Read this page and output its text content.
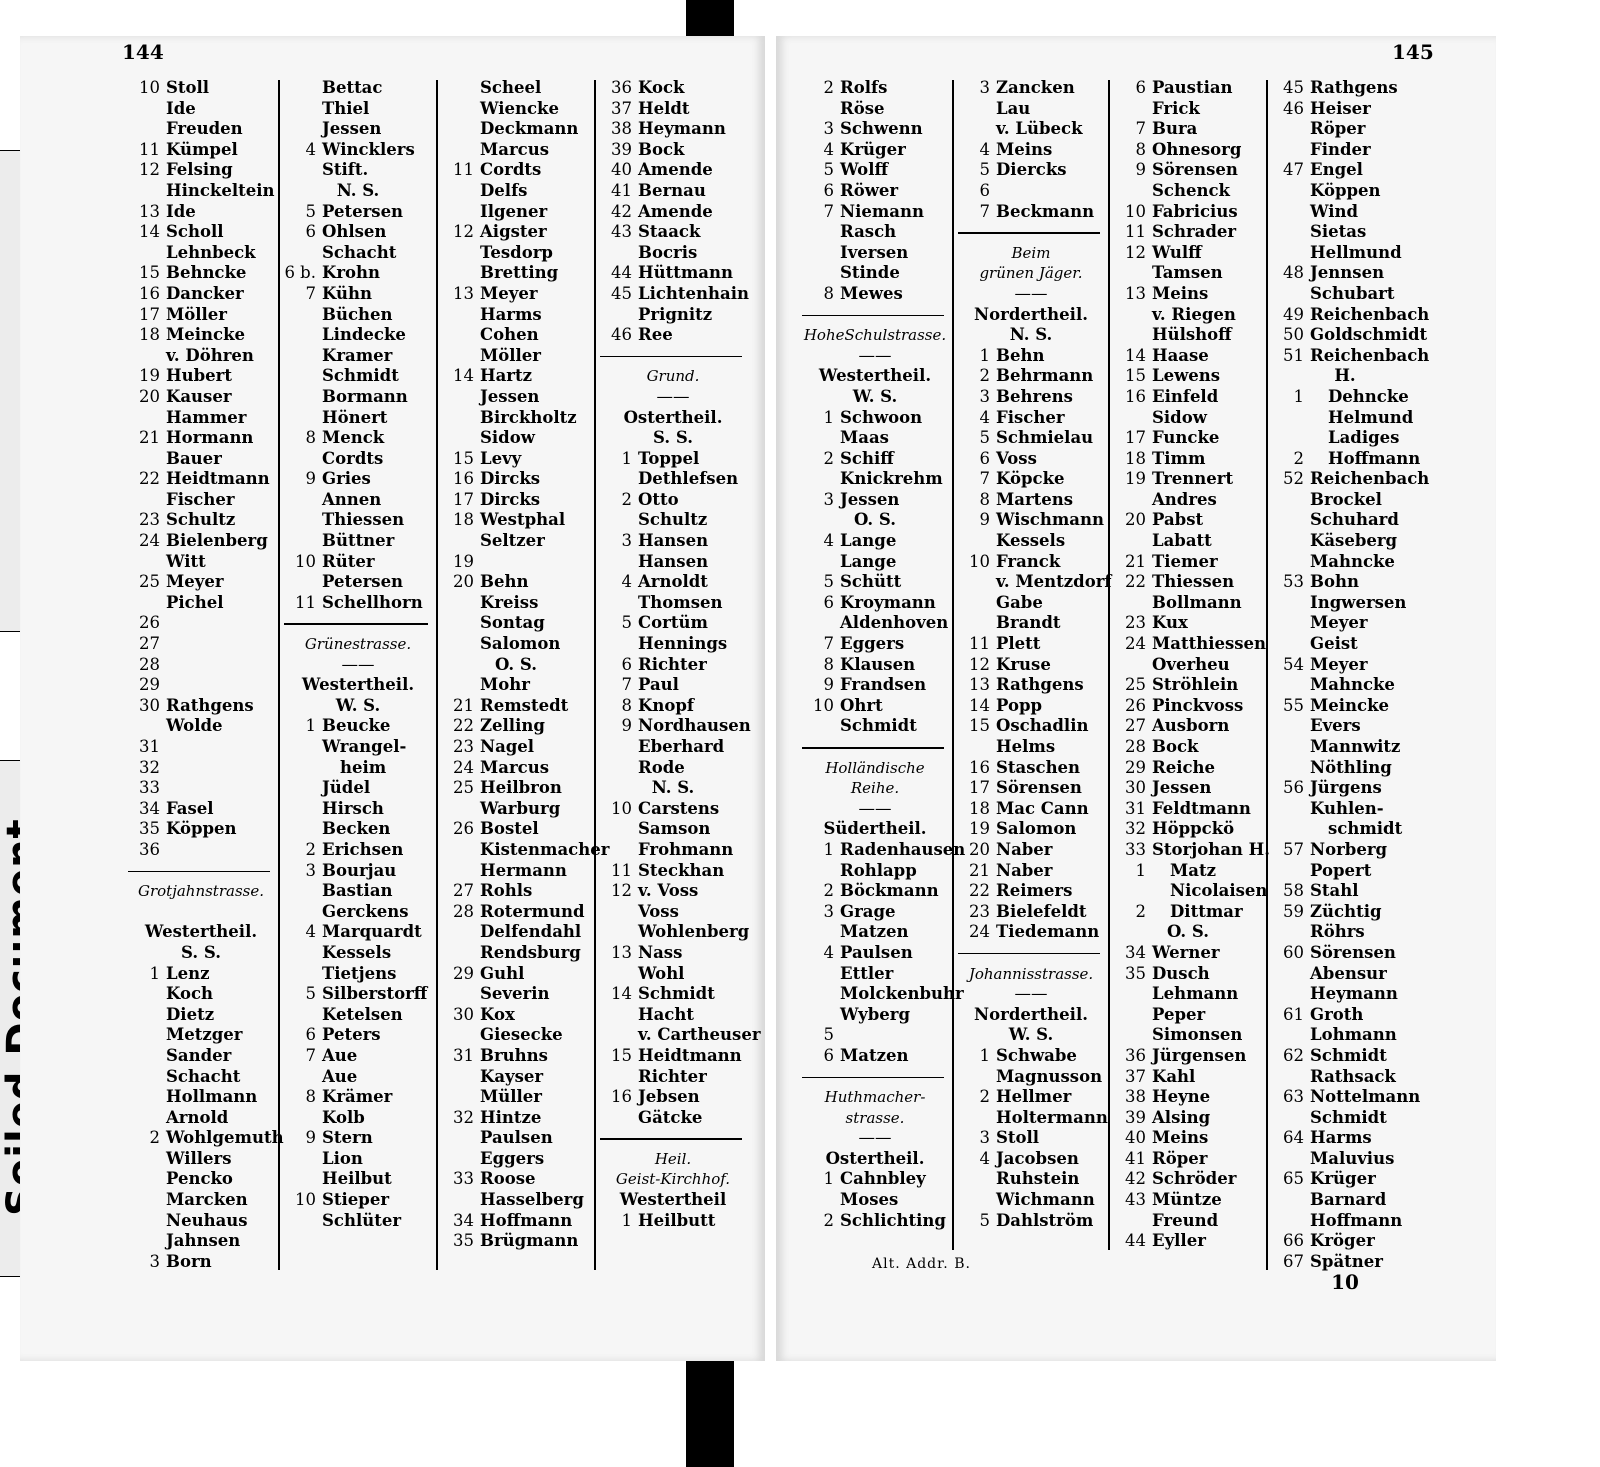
144	145
10 Stoll
Ide
Freuden
11 Kümpel
12 Felsing
Hinckeltein
13 Ide
14 Scholl
Lehnbeck
15 Behncke
16 Dancker
17 Möller
18 Meincke
v. Döhren
19 Hubert
20 Kauser
Hammer
21 Hormann
Bauer
22 Heidtmann
Fischer
23 Schultz
24 Bielenberg
Witt
25 Meyer
Pichel
26
27
28
29
30 Rathgens
Wolde
31
32
33
34 Fasel
35 Köppen
36
Grotjahnstrasse.
Westertheil.
S. S.
1 Lenz
Koch
Dietz
Metzger
Sander
Schacht
Hollmann
Arnold
2 Wohlgemuth
Willers
Pencko
Marcken
Neuhaus
Jahnsen
3 Born
Bettac
Thiel
Jessen
4 Wincklers
Stift.
N. S.
5 Petersen
6 Ohlsen
Schacht
6 b. Krohn
7 Kühn
Büchen
Lindecke
Kramer
Schmidt
Bormann
Hönert
8 Menck
Cordts
9 Gries
Annen
Thiessen
Büttner
10 Rüter
Petersen
11 Schellhorn
Grünestrasse.
——
Westertheil.
W. S.
1 Beucke
Wrangel-
heim
Jüdel
Hirsch
Becken
2 Erichsen
3 Bourjau
Bastian
Gerckens
4 Marquardt
Kessels
Tietjens
5 Silberstorff
Ketelsen
6 Peters
7 Aue
Aue
8 Krämer
Kolb
9 Stern
Lion
Heilbut
10 Stieper
Schlüter
Scheel
Wiencke
Deckmann
Marcus
11 Cordts
Delfs
Ilgener
12 Aigster
Tesdorp
Bretting
13 Meyer
Harms
Cohen
Möller
14 Hartz
Jessen
Birckholtz
Sidow
15 Levy
16 Dircks
17 Dircks
18 Westphal
Seltzer
19
20 Behn
Kreiss
Sontag
Salomon
O. S.
Mohr
21 Remstedt
22 Zelling
23 Nagel
24 Marcus
25 Heilbron
Warburg
26 Bostel
Kistenmacher
Hermann
27 Rohls
28 Rotermund
Delfendahl
Rendsburg
29 Guhl
Severin
30 Kox
Giesecke
31 Bruhns
Kayser
Müller
32 Hintze
Paulsen
Eggers
33 Roose
Hasselberg
34 Hoffmann
35 Brügmann
36 Kock
37 Heldt
38 Heymann
39 Bock
40 Amende
41 Bernau
42 Amende
43 Staack
Bocris
44 Hüttmann
45 Lichtenhain
Prignitz
46 Ree
Grund.
——
Ostertheil.
S. S.
1 Toppel
Dethlefsen
2 Otto
Schultz
3 Hansen
Hansen
4 Arnoldt
Thomsen
5 Cortüm
Hennings
6 Richter
7 Paul
8 Knopf
9 Nordhausen
Eberhard
Rode
N. S.
10 Carstens
Samson
Frohmann
11 Steckhan
12 v. Voss
Voss
Wohlenberg
13 Nass
Wohl
14 Schmidt
Hacht
v. Cartheuser
15 Heidtmann
Richter
16 Jebsen
Gätcke
Heil.
Geist-Kirchhof.
Westertheil
1 Heilbutt
2 Rolfs
Röse
3 Schwenn
4 Krüger
5 Wolff
6 Röwer
7 Niemann
Rasch
Iversen
Stinde
8 Mewes
HoheSchulstrasse.
——
Westertheil.
W. S.
1 Schwoon
Maas
2 Schiff
Knickrehm
3 Jessen
O. S.
4 Lange
Lange
5 Schütt
6 Kroymann
Aldenhoven
7 Eggers
8 Klausen
9 Frandsen
10 Ohrt
Schmidt
Holländische
Reihe.
——
Südertheil.
1 Radenhausen
Rohlapp
2 Böckmann
3 Grage
Matzen
4 Paulsen
Ettler
Molckenbuhr
Wyberg
5
6 Matzen
Huthmacher-
strasse.
——
Ostertheil.
1 Cahnbley
Moses
2 Schlichting
3 Zancken
Lau
v. Lübeck
4 Meins
5 Diercks
6
7 Beckmann
Beim
grünen Jäger.
——
Nordertheil.
N. S.
1 Behn
2 Behrmann
3 Behrens
4 Fischer
5 Schmielau
6 Voss
7 Köpcke
8 Martens
9 Wischmann
Kessels
10 Franck
v. Mentzdorf
Gabe
Brandt
11 Plett
12 Kruse
13 Rathgens
14 Popp
15 Oschadlin
Helms
16 Staschen
17 Sörensen
18 Mac Cann
19 Salomon
20 Naber
21 Naber
22 Reimers
23 Bielefeldt
24 Tiedemann
Johannisstrasse.
——
Nordertheil.
W. S.
1 Schwabe
Magnusson
2 Hellmer
Holtermann
3 Stoll
4 Jacobsen
Ruhstein
Wichmann
5 Dahlström
6 Paustian
Frick
7 Bura
8 Ohnesorg
9 Sörensen
Schenck
10 Fabricius
11 Schrader
12 Wulff
Tamsen
13 Meins
v. Riegen
Hülshoff
14 Haase
15 Lewens
16 Einfeld
Sidow
17 Funcke
18 Timm
19 Trennert
Andres
20 Pabst
Labatt
21 Tiemer
22 Thiessen
Bollmann
23 Kux
24 Matthiessen
Overheu
25 Ströhlein
26 Pinckvoss
27 Ausborn
28 Bock
29 Reiche
30 Jessen
31 Feldtmann
32 Höppckö
33 Storjohan H.
1	Matz
Nicolaisen
2	Dittmar
O. S.
34 Werner
35 Dusch
Lehmann
Peper
Simonsen
36 Jürgensen
37 Kahl
38 Heyne
39 Alsing
40 Meins
41 Röper
42 Schröder
43 Müntze
Freund
44 Eyller
45 Rathgens
46 Heiser
Röper
Finder
47 Engel
Köppen
Wind
Sietas
Hellmund
48 Jennsen
Schubart
49 Reichenbach
50 Goldschmidt
51 Reichenbach
H.
1	Dehncke
Helmund
Ladiges
2	Hoffmann
52 Reichenbach
Brockel
Schuhard
Käseberg
Mahncke
53 Bohn
Ingwersen
Meyer
Geist
54 Meyer
Mahncke
55 Meincke
Evers
Mannwitz
Nöthling
56 Jürgens
Kuhlen-
schmidt
57 Norberg
Popert
58 Stahl
59 Züchtig
Röhrs
60 Sörensen
Abensur
Heymann
61 Groth
Lohmann
62 Schmidt
Rathsack
63 Nottelmann
Schmidt
64 Harms
Maluvius
65 Krüger
Barnard
Hoffmann
66 Kröger
67 Spätner
10
Alt. Addr. B.
